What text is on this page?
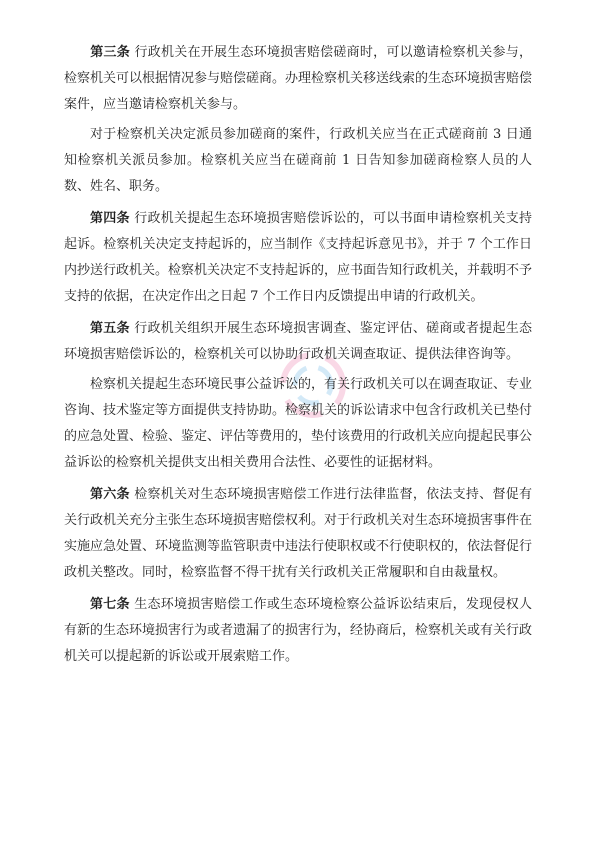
第三条 行政机关在开展生态环境损害赔偿磋商时，可以邀请检察机关参与，检察机关可以根据情况参与赔偿磋商。办理检察机关移送线索的生态环境损害赔偿案件，应当邀请检察机关参与。

对于检察机关决定派员参加磋商的案件，行政机关应当在正式磋商前 3 日通知检察机关派员参加。检察机关应当在磋商前 1 日告知参加磋商检察人员的人数、姓名、职务。

第四条 行政机关提起生态环境损害赔偿诉讼的，可以书面申请检察机关支持起诉。检察机关决定支持起诉的，应当制作《支持起诉意见书》，并于 7 个工作日内抄送行政机关。检察机关决定不支持起诉的，应书面告知行政机关，并载明不予支持的依据，在决定作出之日起 7 个工作日内反馈提出申请的行政机关。

第五条 行政机关组织开展生态环境损害调查、鉴定评估、磋商或者提起生态环境损害赔偿诉讼的，检察机关可以协助行政机关调查取证、提供法律咨询等。

检察机关提起生态环境民事公益诉讼的，有关行政机关可以在调查取证、专业咨询、技术鉴定等方面提供支持协助。检察机关的诉讼请求中包含行政机关已垫付的应急处置、检验、鉴定、评估等费用的，垫付该费用的行政机关应向提起民事公益诉讼的检察机关提供支出相关费用合法性、必要性的证据材料。

第六条 检察机关对生态环境损害赔偿工作进行法律监督，依法支持、督促有关行政机关充分主张生态环境损害赔偿权利。对于行政机关对生态环境损害事件在实施应急处置、环境监测等监管职责中违法行使职权或不行使职权的，依法督促行政机关整改。同时，检察监督不得干扰有关行政机关正常履职和自由裁量权。

第七条 生态环境损害赔偿工作或生态环境检察公益诉讼结束后，发现侵权人有新的生态环境损害行为或者遗漏了的损害行为，经协商后，检察机关或有关行政机关可以提起新的诉讼或开展索赔工作。
